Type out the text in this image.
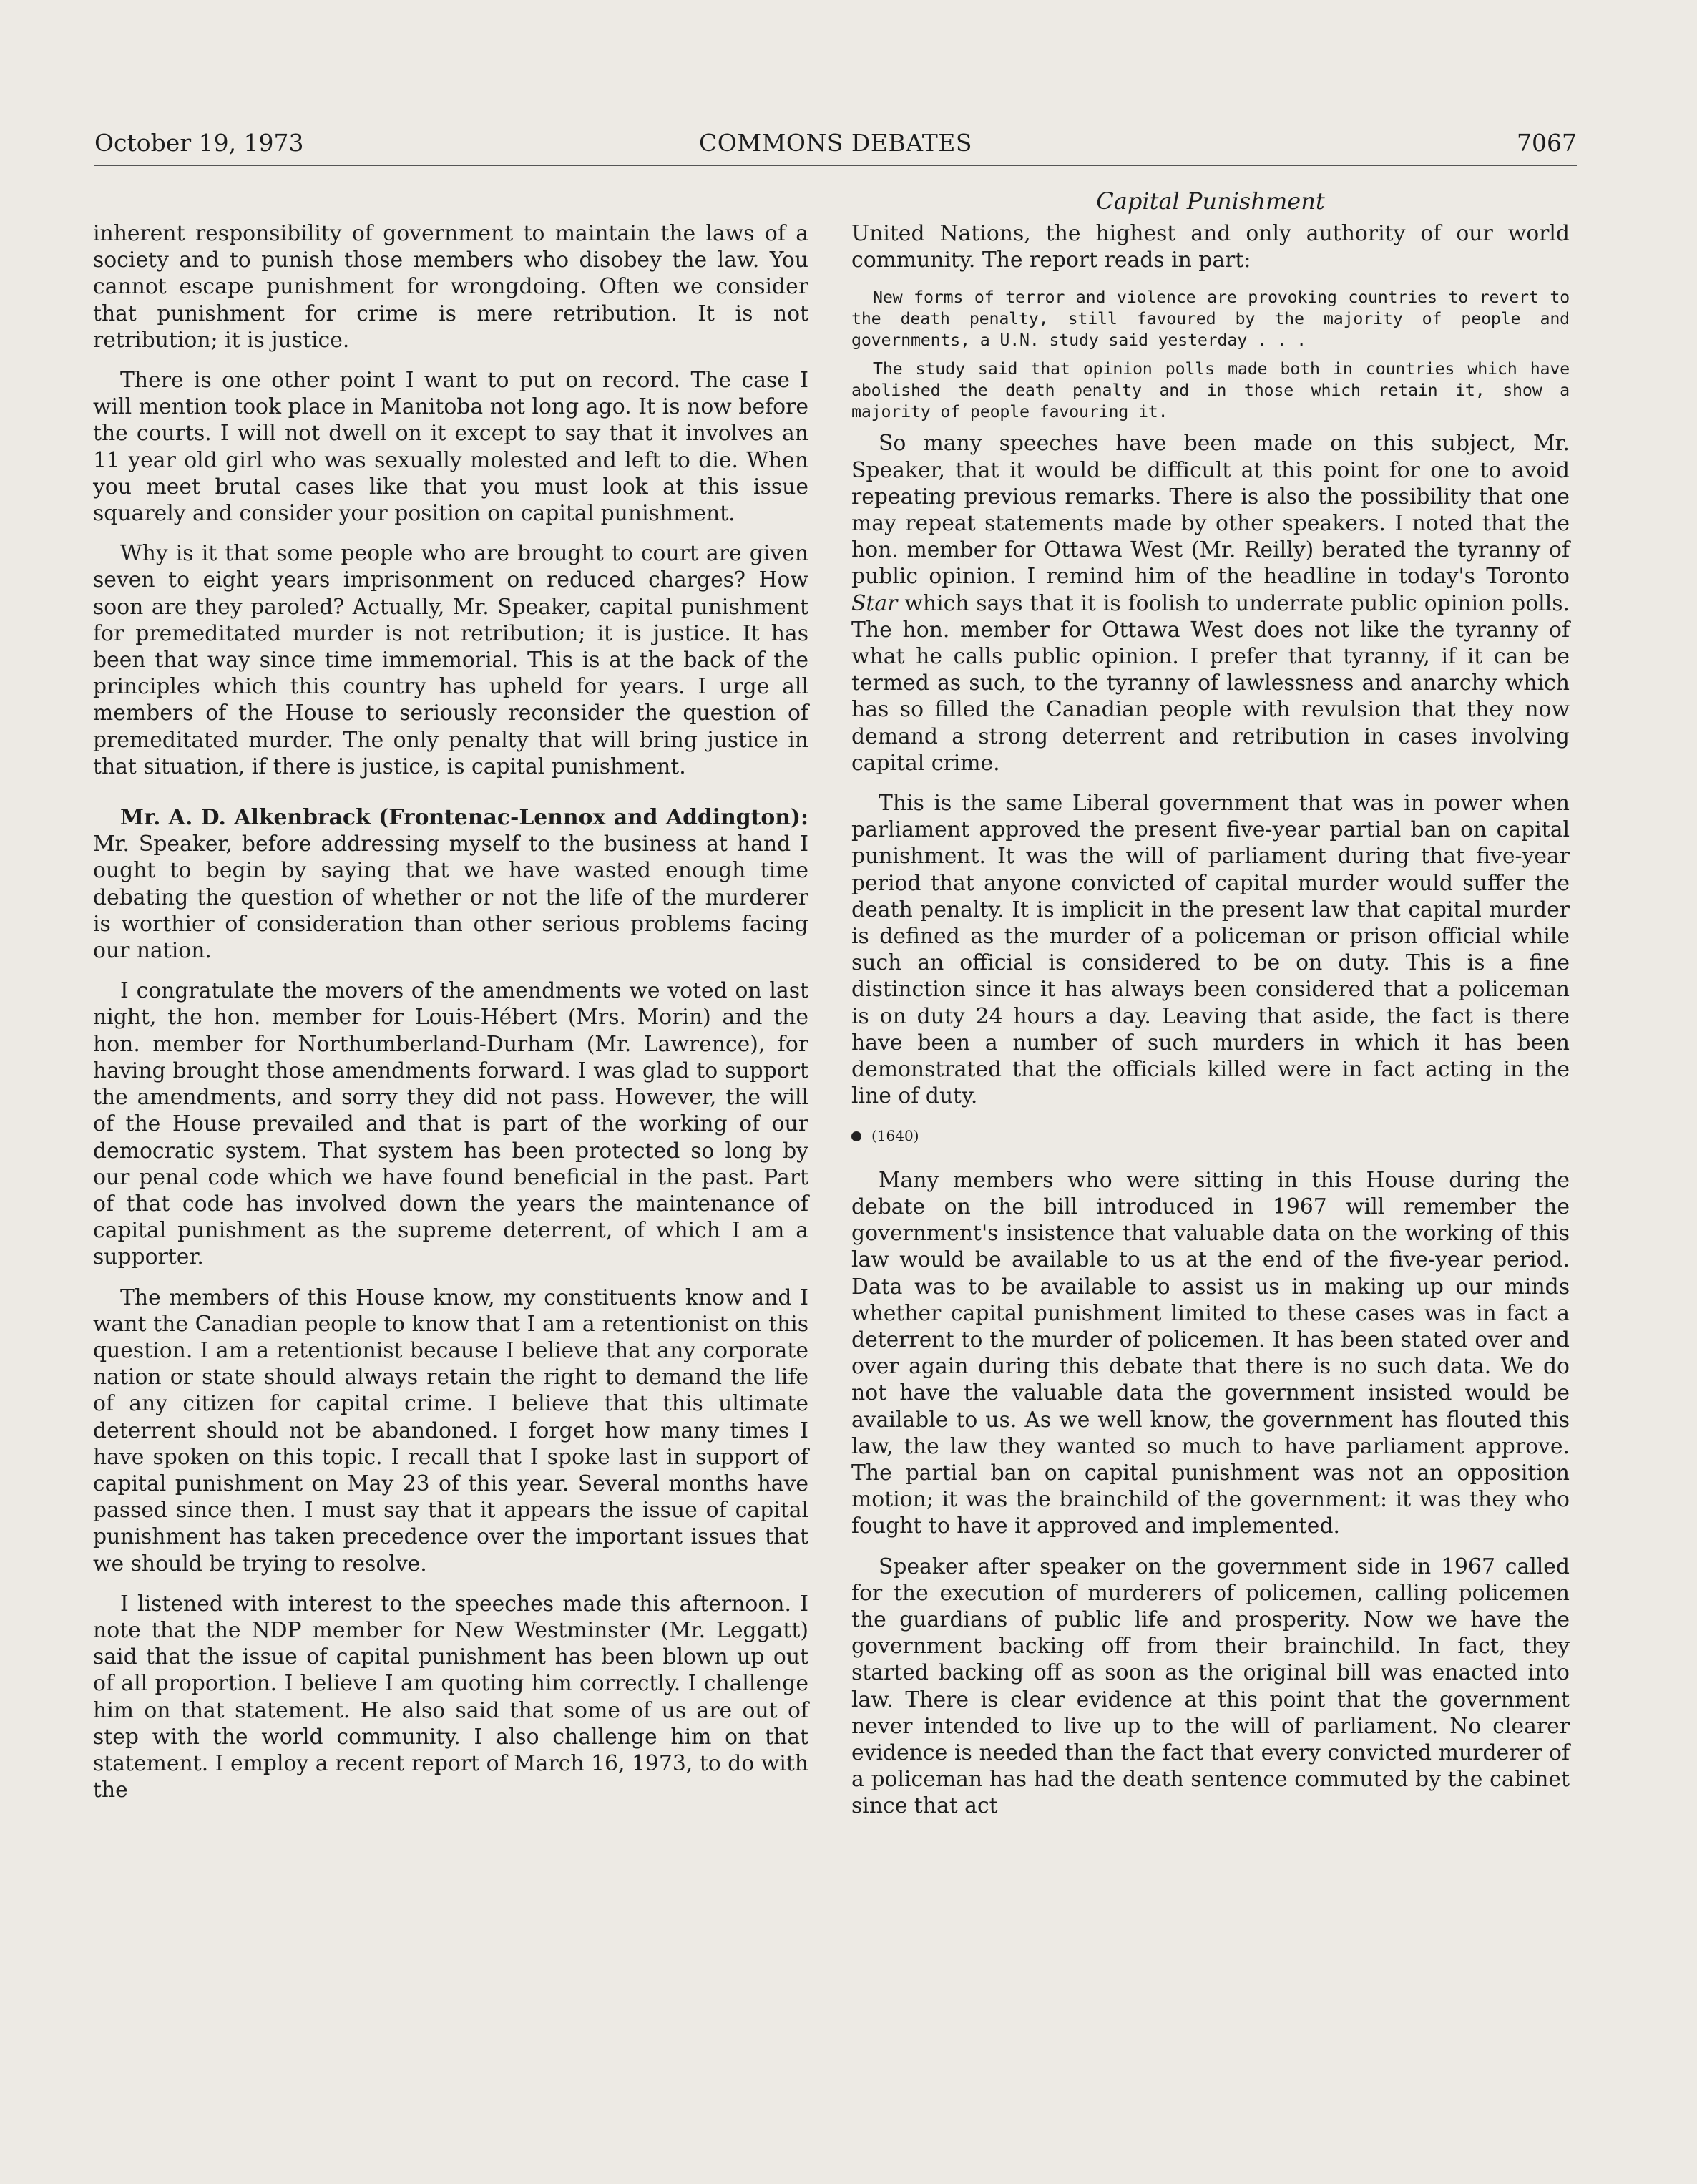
October 19, 1973	COMMONS DEBATES	7067
Capital Punishment

inherent responsibility of government to maintain the laws of a society and to punish those members who disobey the law. You cannot escape punishment for wrongdoing. Often we consider that punishment for crime is mere retribution. It is not retribution; it is justice.

There is one other point I want to put on record. The case I will mention took place in Manitoba not long ago. It is now before the courts. I will not dwell on it except to say that it involves an 11 year old girl who was sexually molested and left to die. When you meet brutal cases like that you must look at this issue squarely and consider your position on capital punishment.

Why is it that some people who are brought to court are given seven to eight years imprisonment on reduced charges? How soon are they paroled? Actually, Mr. Speaker, capital punishment for premeditated murder is not retribution; it is justice. It has been that way since time immemorial. This is at the back of the principles which this country has upheld for years. I urge all members of the House to seriously reconsider the question of premeditated murder. The only penalty that will bring justice in that situation, if there is justice, is capital punishment.

Mr. A. D. Alkenbrack (Frontenac-Lennox and Addington): Mr. Speaker, before addressing myself to the business at hand I ought to begin by saying that we have wasted enough time debating the question of whether or not the life of the murderer is worthier of consideration than other serious problems facing our nation.

I congratulate the movers of the amendments we voted on last night, the hon. member for Louis-Hébert (Mrs. Morin) and the hon. member for Northumberland-Durham (Mr. Lawrence), for having brought those amendments forward. I was glad to support the amendments, and sorry they did not pass. However, the will of the House prevailed and that is part of the working of our democratic system. That system has been protected so long by our penal code which we have found beneficial in the past. Part of that code has involved down the years the maintenance of capital punishment as the supreme deterrent, of which I am a supporter.

The members of this House know, my constituents know and I want the Canadian people to know that I am a retentionist on this question. I am a retentionist because I believe that any corporate nation or state should always retain the right to demand the life of any citizen for capital crime. I believe that this ultimate deterrent should not be abandoned. I forget how many times I have spoken on this topic. I recall that I spoke last in support of capital punishment on May 23 of this year. Several months have passed since then. I must say that it appears the issue of capital punishment has taken precedence over the important issues that we should be trying to resolve.

I listened with interest to the speeches made this afternoon. I note that the NDP member for New Westminster (Mr. Leggatt) said that the issue of capital punishment has been blown up out of all proportion. I believe I am quoting him correctly. I challenge him on that statement. He also said that some of us are out of step with the world community. I also challenge him on that statement. I employ a recent report of March 16, 1973, to do with the

United Nations, the highest and only authority of our world community. The report reads in part:

New forms of terror and violence are provoking countries to revert to the death penalty, still favoured by the majority of people and governments, a U.N. study said yesterday . . .
The study said that opinion polls made both in countries which have abolished the death penalty and in those which retain it, show a majority of people favouring it.

So many speeches have been made on this subject, Mr. Speaker, that it would be difficult at this point for one to avoid repeating previous remarks. There is also the possibility that one may repeat statements made by other speakers. I noted that the hon. member for Ottawa West (Mr. Reilly) berated the tyranny of public opinion. I remind him of the headline in today's Toronto Star which says that it is foolish to underrate public opinion polls. The hon. member for Ottawa West does not like the tyranny of what he calls public opinion. I prefer that tyranny, if it can be termed as such, to the tyranny of lawlessness and anarchy which has so filled the Canadian people with revulsion that they now demand a strong deterrent and retribution in cases involving capital crime.

This is the same Liberal government that was in power when parliament approved the present five-year partial ban on capital punishment. It was the will of parliament during that five-year period that anyone convicted of capital murder would suffer the death penalty. It is implicit in the present law that capital murder is defined as the murder of a policeman or prison official while such an official is considered to be on duty. This is a fine distinction since it has always been considered that a policeman is on duty 24 hours a day. Leaving that aside, the fact is there have been a number of such murders in which it has been demonstrated that the officials killed were in fact acting in the line of duty.

(1640)

Many members who were sitting in this House during the debate on the bill introduced in 1967 will remember the government's insistence that valuable data on the working of this law would be available to us at the end of the five-year period. Data was to be available to assist us in making up our minds whether capital punishment limited to these cases was in fact a deterrent to the murder of policemen. It has been stated over and over again during this debate that there is no such data. We do not have the valuable data the government insisted would be available to us. As we well know, the government has flouted this law, the law they wanted so much to have parliament approve. The partial ban on capital punishment was not an opposition motion; it was the brainchild of the government: it was they who fought to have it approved and implemented.

Speaker after speaker on the government side in 1967 called for the execution of murderers of policemen, calling policemen the guardians of public life and prosperity. Now we have the government backing off from their brainchild. In fact, they started backing off as soon as the original bill was enacted into law. There is clear evidence at this point that the government never intended to live up to the will of parliament. No clearer evidence is needed than the fact that every convicted murderer of a policeman has had the death sentence commuted by the cabinet since that act
